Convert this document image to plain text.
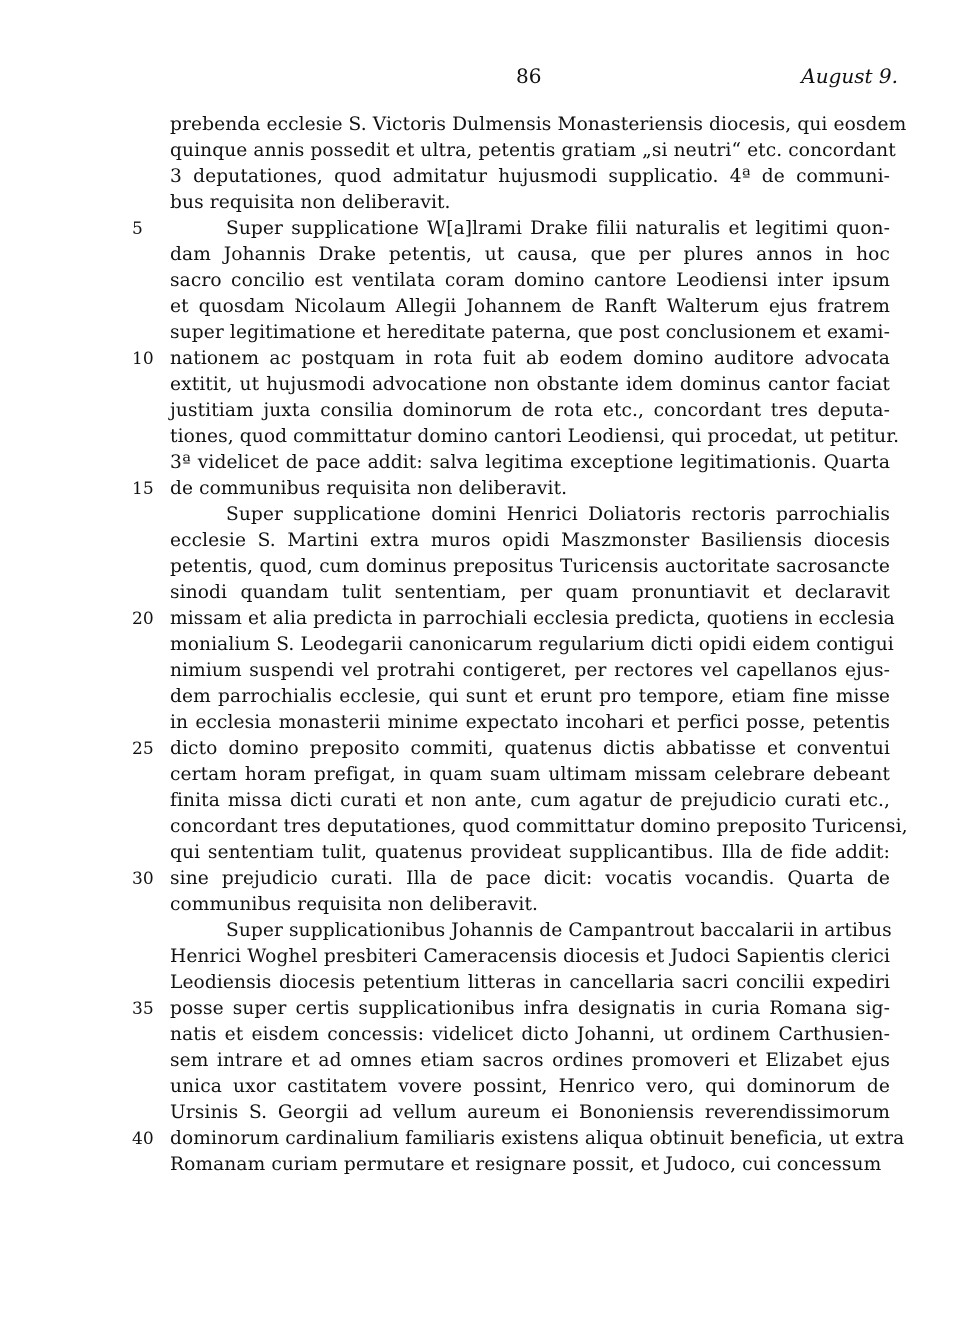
86	August 9.
prebenda ecclesie S. Victoris Dulmensis Monasteriensis diocesis, qui eosdem
quinque annis possedit et ultra, petentis gratiam „si neutri“ etc. concordant
3 deputationes, quod admitatur hujusmodi supplicatio. 4ª de communi-
bus requisita non deliberavit.
5	Super supplicatione W[a]lrami Drake filii naturalis et legitimi quon-
dam Johannis Drake petentis, ut causa, que per plures annos in hoc
sacro concilio est ventilata coram domino cantore Leodiensi inter ipsum
et quosdam Nicolaum Allegii Johannem de Ranft Walterum ejus fratrem
super legitimatione et hereditate paterna, que post conclusionem et exami-
10 nationem ac postquam in rota fuit ab eodem domino auditore advocata
extitit, ut hujusmodi advocatione non obstante idem dominus cantor faciat
justitiam juxta consilia dominorum de rota etc., concordant tres deputa-
tiones, quod committatur domino cantori Leodiensi, qui procedat, ut petitur.
3ª videlicet de pace addit: salva legitima exceptione legitimationis. Quarta
15 de communibus requisita non deliberavit.
Super supplicatione domini Henrici Doliatoris rectoris parrochialis
ecclesie S. Martini extra muros opidi Maszmonster Basiliensis diocesis
petentis, quod, cum dominus prepositus Turicensis auctoritate sacrosancte
sinodi quandam tulit sententiam, per quam pronuntiavit et declaravit
20 missam et alia predicta in parrochiali ecclesia predicta, quotiens in ecclesia
monialium S. Leodegarii canonicarum regularium dicti opidi eidem contigui
nimium suspendi vel protrahi contigeret, per rectores vel capellanos ejus-
dem parrochialis ecclesie, qui sunt et erunt pro tempore, etiam fine misse
in ecclesia monasterii minime expectato incohari et perfici posse, petentis
25 dicto domino preposito commiti, quatenus dictis abbatisse et conventui
certam horam prefigat, in quam suam ultimam missam celebrare debeant
finita missa dicti curati et non ante, cum agatur de prejudicio curati etc.,
concordant tres deputationes, quod committatur domino preposito Turicensi,
qui sententiam tulit, quatenus provideat supplicantibus. Illa de fide addit:
30 sine prejudicio curati. Illa de pace dicit: vocatis vocandis. Quarta de
communibus requisita non deliberavit.
Super supplicationibus Johannis de Campantrout baccalarii in artibus
Henrici Woghel presbiteri Cameracensis diocesis et Judoci Sapientis clerici
Leodiensis diocesis petentium litteras in cancellaria sacri concilii expediri
35 posse super certis supplicationibus infra designatis in curia Romana sig-
natis et eisdem concessis: videlicet dicto Johanni, ut ordinem Carthusien-
sem intrare et ad omnes etiam sacros ordines promoveri et Elizabet ejus
unica uxor castitatem vovere possint, Henrico vero, qui dominorum de
Ursinis S. Georgii ad vellum aureum ei Bononiensis reverendissimorum
40 dominorum cardinalium familiaris existens aliqua obtinuit beneficia, ut extra
Romanam curiam permutare et resignare possit, et Judoco, cui concessum
